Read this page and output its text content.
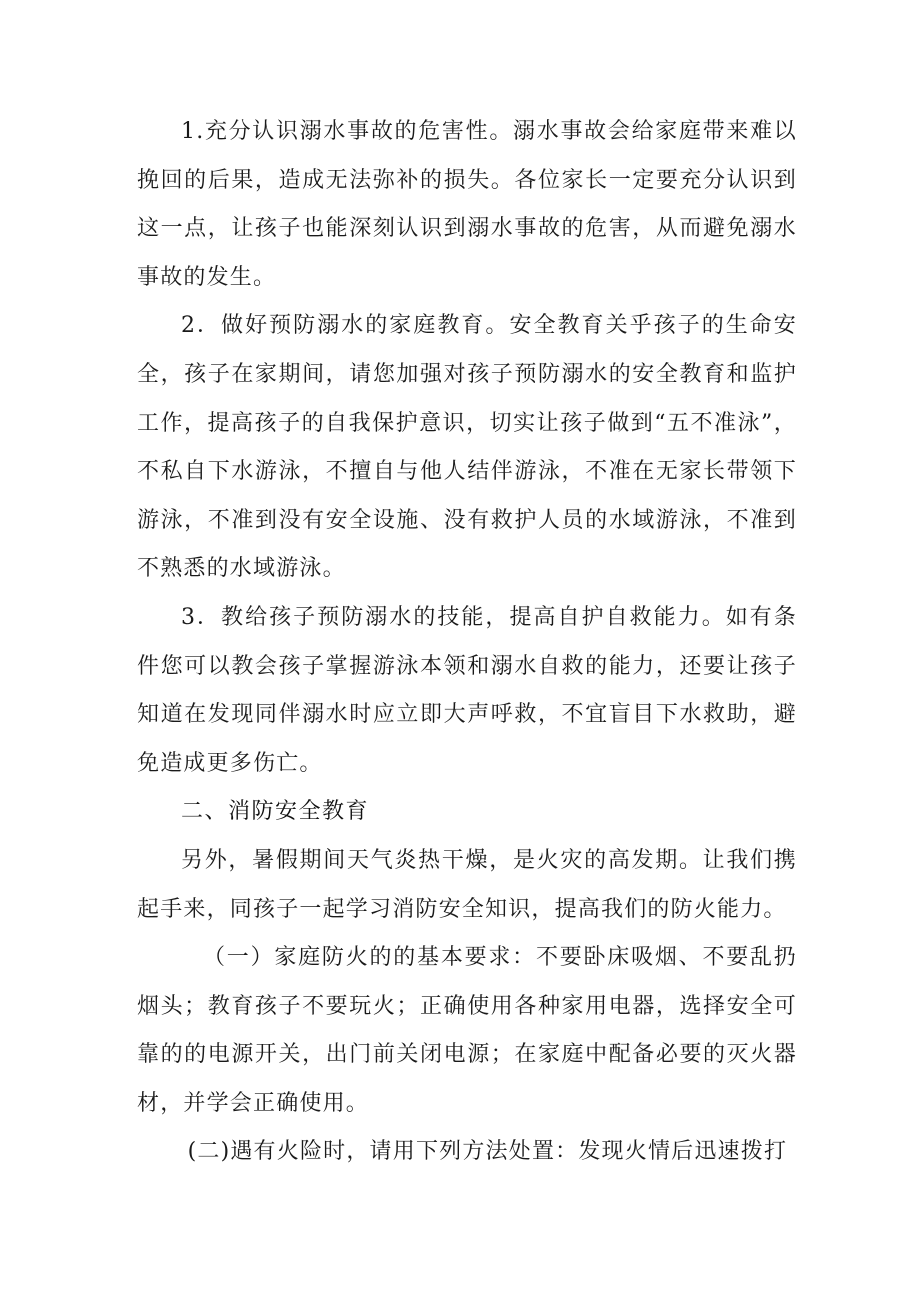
1.充分认识溺水事故的危害性。溺水事故会给家庭带来难以挽回的后果，造成无法弥补的损失。各位家长一定要充分认识到这一点，让孩子也能深刻认识到溺水事故的危害，从而避免溺水事故的发生。

2．做好预防溺水的家庭教育。安全教育关乎孩子的生命安全，孩子在家期间，请您加强对孩子预防溺水的安全教育和监护工作，提高孩子的自我保护意识，切实让孩子做到“五不准泳”，不私自下水游泳，不擅自与他人结伴游泳，不准在无家长带领下游泳，不准到没有安全设施、没有救护人员的水域游泳，不准到不熟悉的水域游泳。

3．教给孩子预防溺水的技能，提高自护自救能力。如有条件您可以教会孩子掌握游泳本领和溺水自救的能力，还要让孩子知道在发现同伴溺水时应立即大声呼救，不宜盲目下水救助，避免造成更多伤亡。

二、消防安全教育

另外，暑假期间天气炎热干燥，是火灾的高发期。让我们携起手来，同孩子一起学习消防安全知识，提高我们的防火能力。

（一）家庭防火的的基本要求：不要卧床吸烟、不要乱扔烟头；教育孩子不要玩火；正确使用各种家用电器，选择安全可靠的的电源开关，出门前关闭电源；在家庭中配备必要的灭火器材，并学会正确使用。

(二)遇有火险时，请用下列方法处置：发现火情后迅速拨打
